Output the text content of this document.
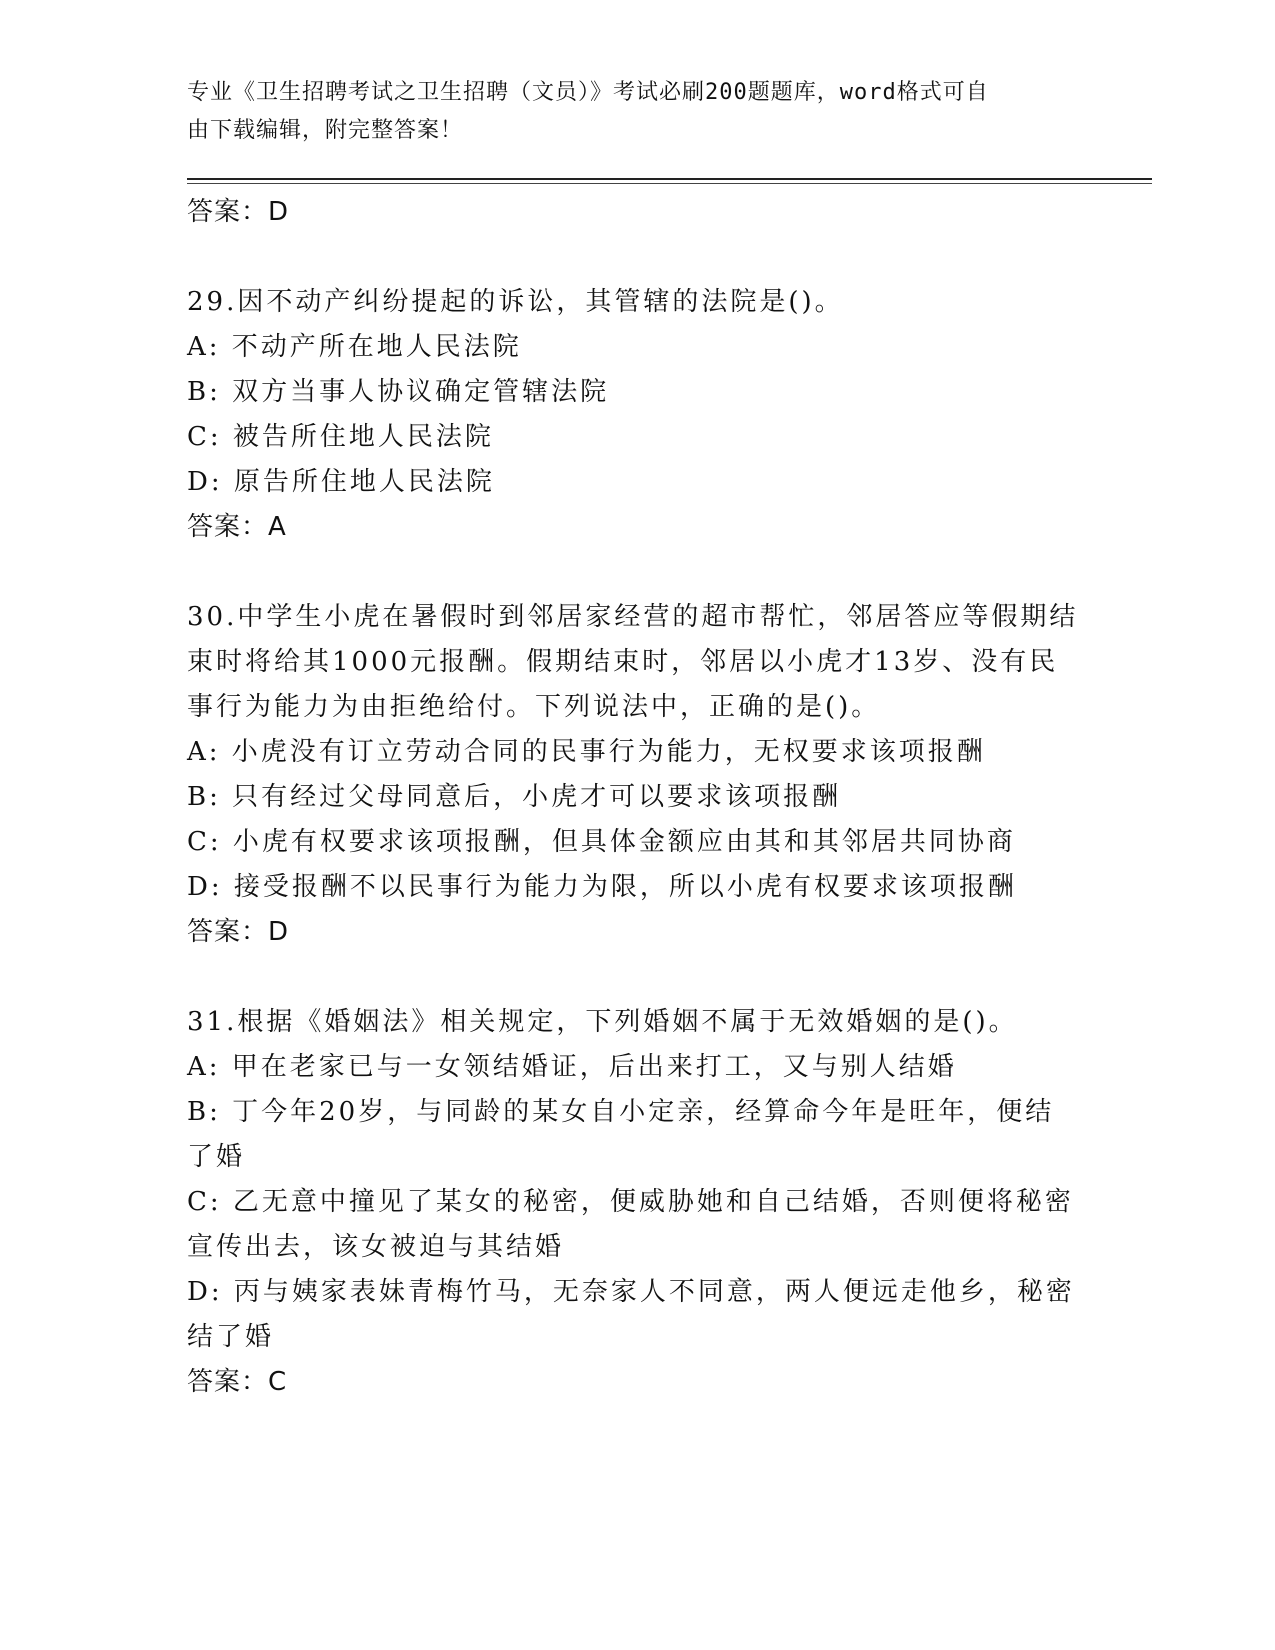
专业《卫生招聘考试之卫生招聘（文员）》考试必刷200题题库，word格式可自
由下载编辑，附完整答案！
答案：D
29.因不动产纠纷提起的诉讼，其管辖的法院是()。
A: 不动产所在地人民法院
B: 双方当事人协议确定管辖法院
C: 被告所住地人民法院
D: 原告所住地人民法院
答案：A
30.中学生小虎在暑假时到邻居家经营的超市帮忙，邻居答应等假期结
束时将给其1000元报酬。假期结束时，邻居以小虎才13岁、没有民
事行为能力为由拒绝给付。下列说法中，正确的是()。
A: 小虎没有订立劳动合同的民事行为能力，无权要求该项报酬
B: 只有经过父母同意后，小虎才可以要求该项报酬
C: 小虎有权要求该项报酬，但具体金额应由其和其邻居共同协商
D: 接受报酬不以民事行为能力为限，所以小虎有权要求该项报酬
答案：D
31.根据《婚姻法》相关规定，下列婚姻不属于无效婚姻的是()。
A: 甲在老家已与一女领结婚证，后出来打工，又与别人结婚
B: 丁今年20岁，与同龄的某女自小定亲，经算命今年是旺年，便结
了婚
C: 乙无意中撞见了某女的秘密，便威胁她和自己结婚，否则便将秘密
宣传出去，该女被迫与其结婚
D: 丙与姨家表妹青梅竹马，无奈家人不同意，两人便远走他乡，秘密
结了婚
答案：C
